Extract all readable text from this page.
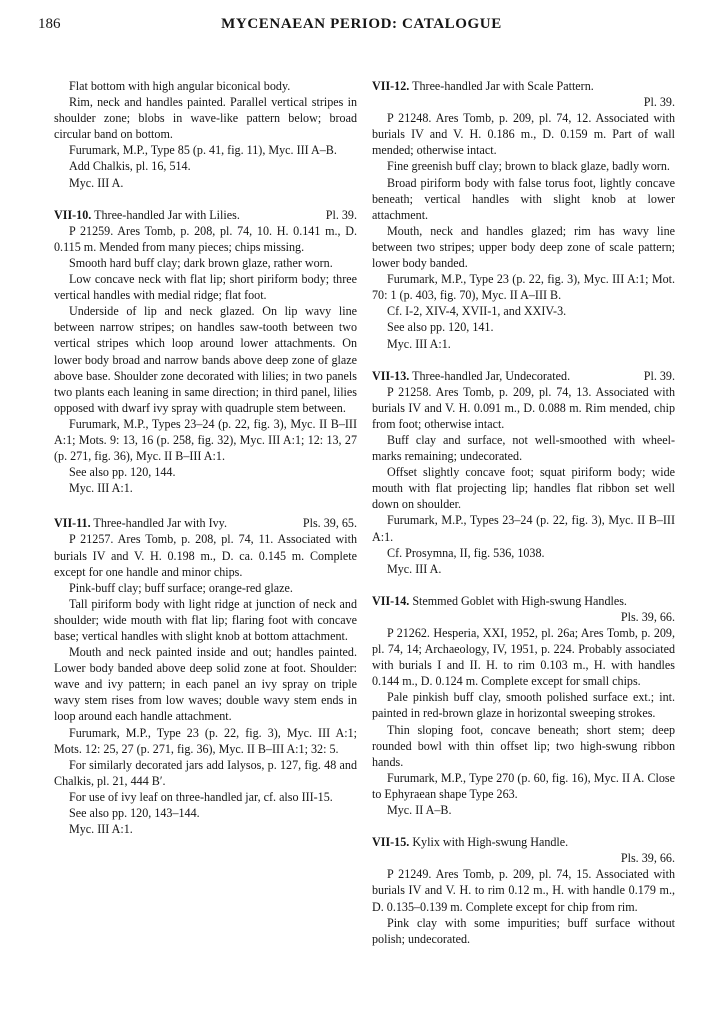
186	MYCENAEAN PERIOD: CATALOGUE

Flat bottom with high angular biconical body.

Rim, neck and handles painted. Parallel vertical stripes in shoulder zone; blobs in wave-like pattern below; broad circular band on bottom.

Furumark, M.P., Type 85 (p. 41, fig. 11), Myc. III A–B.

Add Chalkis, pl. 16, 514.

Myc. III A.

VII-10. Three-handled Jar with Lilies.	Pl. 39.

P 21259. Ares Tomb, p. 208, pl. 74, 10. H. 0.141 m., D. 0.115 m. Mended from many pieces; chips missing.

Smooth hard buff clay; dark brown glaze, rather worn.

Low concave neck with flat lip; short piriform body; three vertical handles with medial ridge; flat foot.

Underside of lip and neck glazed. On lip wavy line between narrow stripes; on handles saw-tooth between two vertical stripes which loop around lower attachments. On lower body broad and narrow bands above deep zone of glaze above base. Shoulder zone decorated with lilies; in two panels two plants each leaning in same direction; in third panel, lilies opposed with dwarf ivy spray with quadruple stem between.

Furumark, M.P., Types 23–24 (p. 22, fig. 3), Myc. II B–III A:1; Mots. 9: 13, 16 (p. 258, fig. 32), Myc. III A:1; 12: 13, 27 (p. 271, fig. 36), Myc. II B–III A:1.

See also pp. 120, 144.

Myc. III A:1.

VII-11. Three-handled Jar with Ivy.	Pls. 39, 65.

P 21257. Ares Tomb, p. 208, pl. 74, 11. Associated with burials IV and V. H. 0.198 m., D. ca. 0.145 m. Complete except for one handle and minor chips.

Pink-buff clay; buff surface; orange-red glaze.

Tall piriform body with light ridge at junction of neck and shoulder; wide mouth with flat lip; flaring foot with concave base; vertical handles with slight knob at bottom attachment.

Mouth and neck painted inside and out; handles painted. Lower body banded above deep solid zone at foot. Shoulder: wave and ivy pattern; in each panel an ivy spray on triple wavy stem rises from low waves; double wavy stem ends in loop around each handle attachment.

Furumark, M.P., Type 23 (p. 22, fig. 3), Myc. III A:1; Mots. 12: 25, 27 (p. 271, fig. 36), Myc. II B–III A:1; 32: 5.

For similarly decorated jars add Ialysos, p. 127, fig. 48 and Chalkis, pl. 21, 444 B′.

For use of ivy leaf on three-handled jar, cf. also III-15.

See also pp. 120, 143–144.

Myc. III A:1.

VII-12. Three-handled Jar with Scale Pattern.

Pl. 39.

P 21248. Ares Tomb, p. 209, pl. 74, 12. Associated with burials IV and V. H. 0.186 m., D. 0.159 m. Part of wall mended; otherwise intact.

Fine greenish buff clay; brown to black glaze, badly worn.

Broad piriform body with false torus foot, lightly concave beneath; vertical handles with slight knob at lower attachment.

Mouth, neck and handles glazed; rim has wavy line between two stripes; upper body deep zone of scale pattern; lower body banded.

Furumark, M.P., Type 23 (p. 22, fig. 3), Myc. III A:1; Mot. 70: 1 (p. 403, fig. 70), Myc. II A–III B.

Cf. I-2, XIV-4, XVII-1, and XXIV-3.

See also pp. 120, 141.

Myc. III A:1.

VII-13. Three-handled Jar, Undecorated.	Pl. 39.

P 21258. Ares Tomb, p. 209, pl. 74, 13. Associated with burials IV and V. H. 0.091 m., D. 0.088 m. Rim mended, chip from foot; otherwise intact.

Buff clay and surface, not well-smoothed with wheel-marks remaining; undecorated.

Offset slightly concave foot; squat piriform body; wide mouth with flat projecting lip; handles flat ribbon set well down on shoulder.

Furumark, M.P., Types 23–24 (p. 22, fig. 3), Myc. II B–III A:1.

Cf. Prosymna, II, fig. 536, 1038.

Myc. III A.

VII-14. Stemmed Goblet with High-swung Handles.

Pls. 39, 66.

P 21262. Hesperia, XXI, 1952, pl. 26a; Ares Tomb, p. 209, pl. 74, 14; Archaeology, IV, 1951, p. 224. Probably associated with burials I and II. H. to rim 0.103 m., H. with handles 0.144 m., D. 0.124 m. Complete except for small chips.

Pale pinkish buff clay, smooth polished surface ext.; int. painted in red-brown glaze in horizontal sweeping strokes.

Thin sloping foot, concave beneath; short stem; deep rounded bowl with thin offset lip; two high-swung ribbon hands.

Furumark, M.P., Type 270 (p. 60, fig. 16), Myc. II A. Close to Ephyraean shape Type 263.

Myc. II A–B.

VII-15. Kylix with High-swung Handle.

Pls. 39, 66.

P 21249. Ares Tomb, p. 209, pl. 74, 15. Associated with burials IV and V. H. to rim 0.12 m., H. with handle 0.179 m., D. 0.135–0.139 m. Complete except for chip from rim.

Pink clay with some impurities; buff surface without polish; undecorated.
